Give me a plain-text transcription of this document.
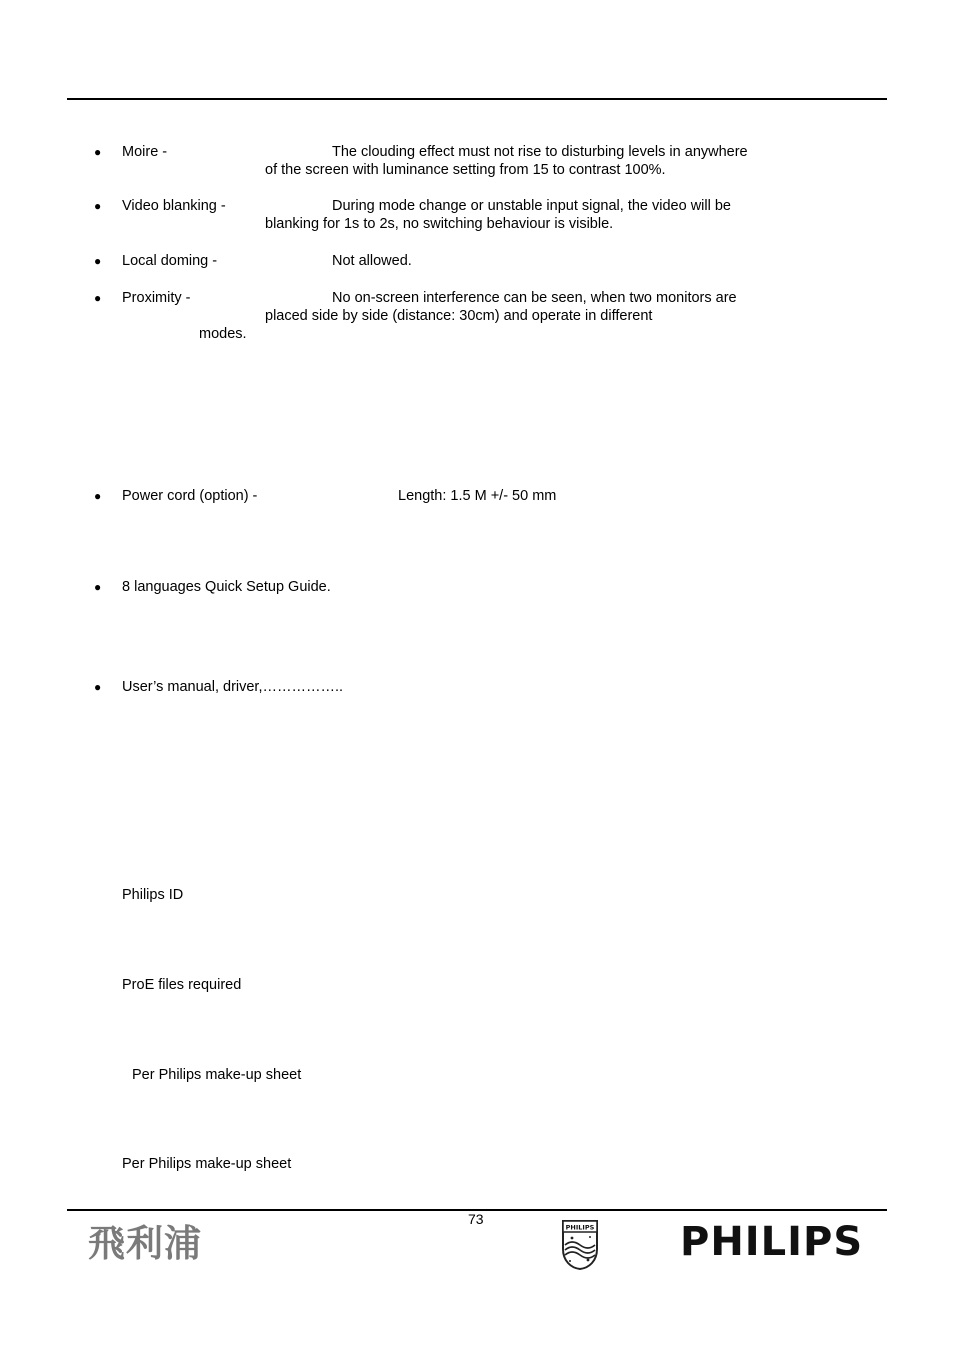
● Moire -	The clouding effect must not rise to disturbing levels in anywhere
of the screen with luminance setting from 15 to contrast 100%.
● Video blanking -	During mode change or unstable input signal, the video will be
blanking for 1s to 2s, no switching behaviour is visible.
● Local doming -	Not allowed.
● Proximity -	No on-screen interference can be seen, when two monitors are
placed side by side (distance: 30cm) and operate in different
modes.
● Power cord (option) -	Length: 1.5 M +/- 50 mm
● 8 languages Quick Setup Guide.
● User’s manual, driver,……………..
Philips ID
ProE files required
Per Philips make-up sheet
Per Philips make-up sheet
73
飛利浦	PHILIPS PHILIPS
